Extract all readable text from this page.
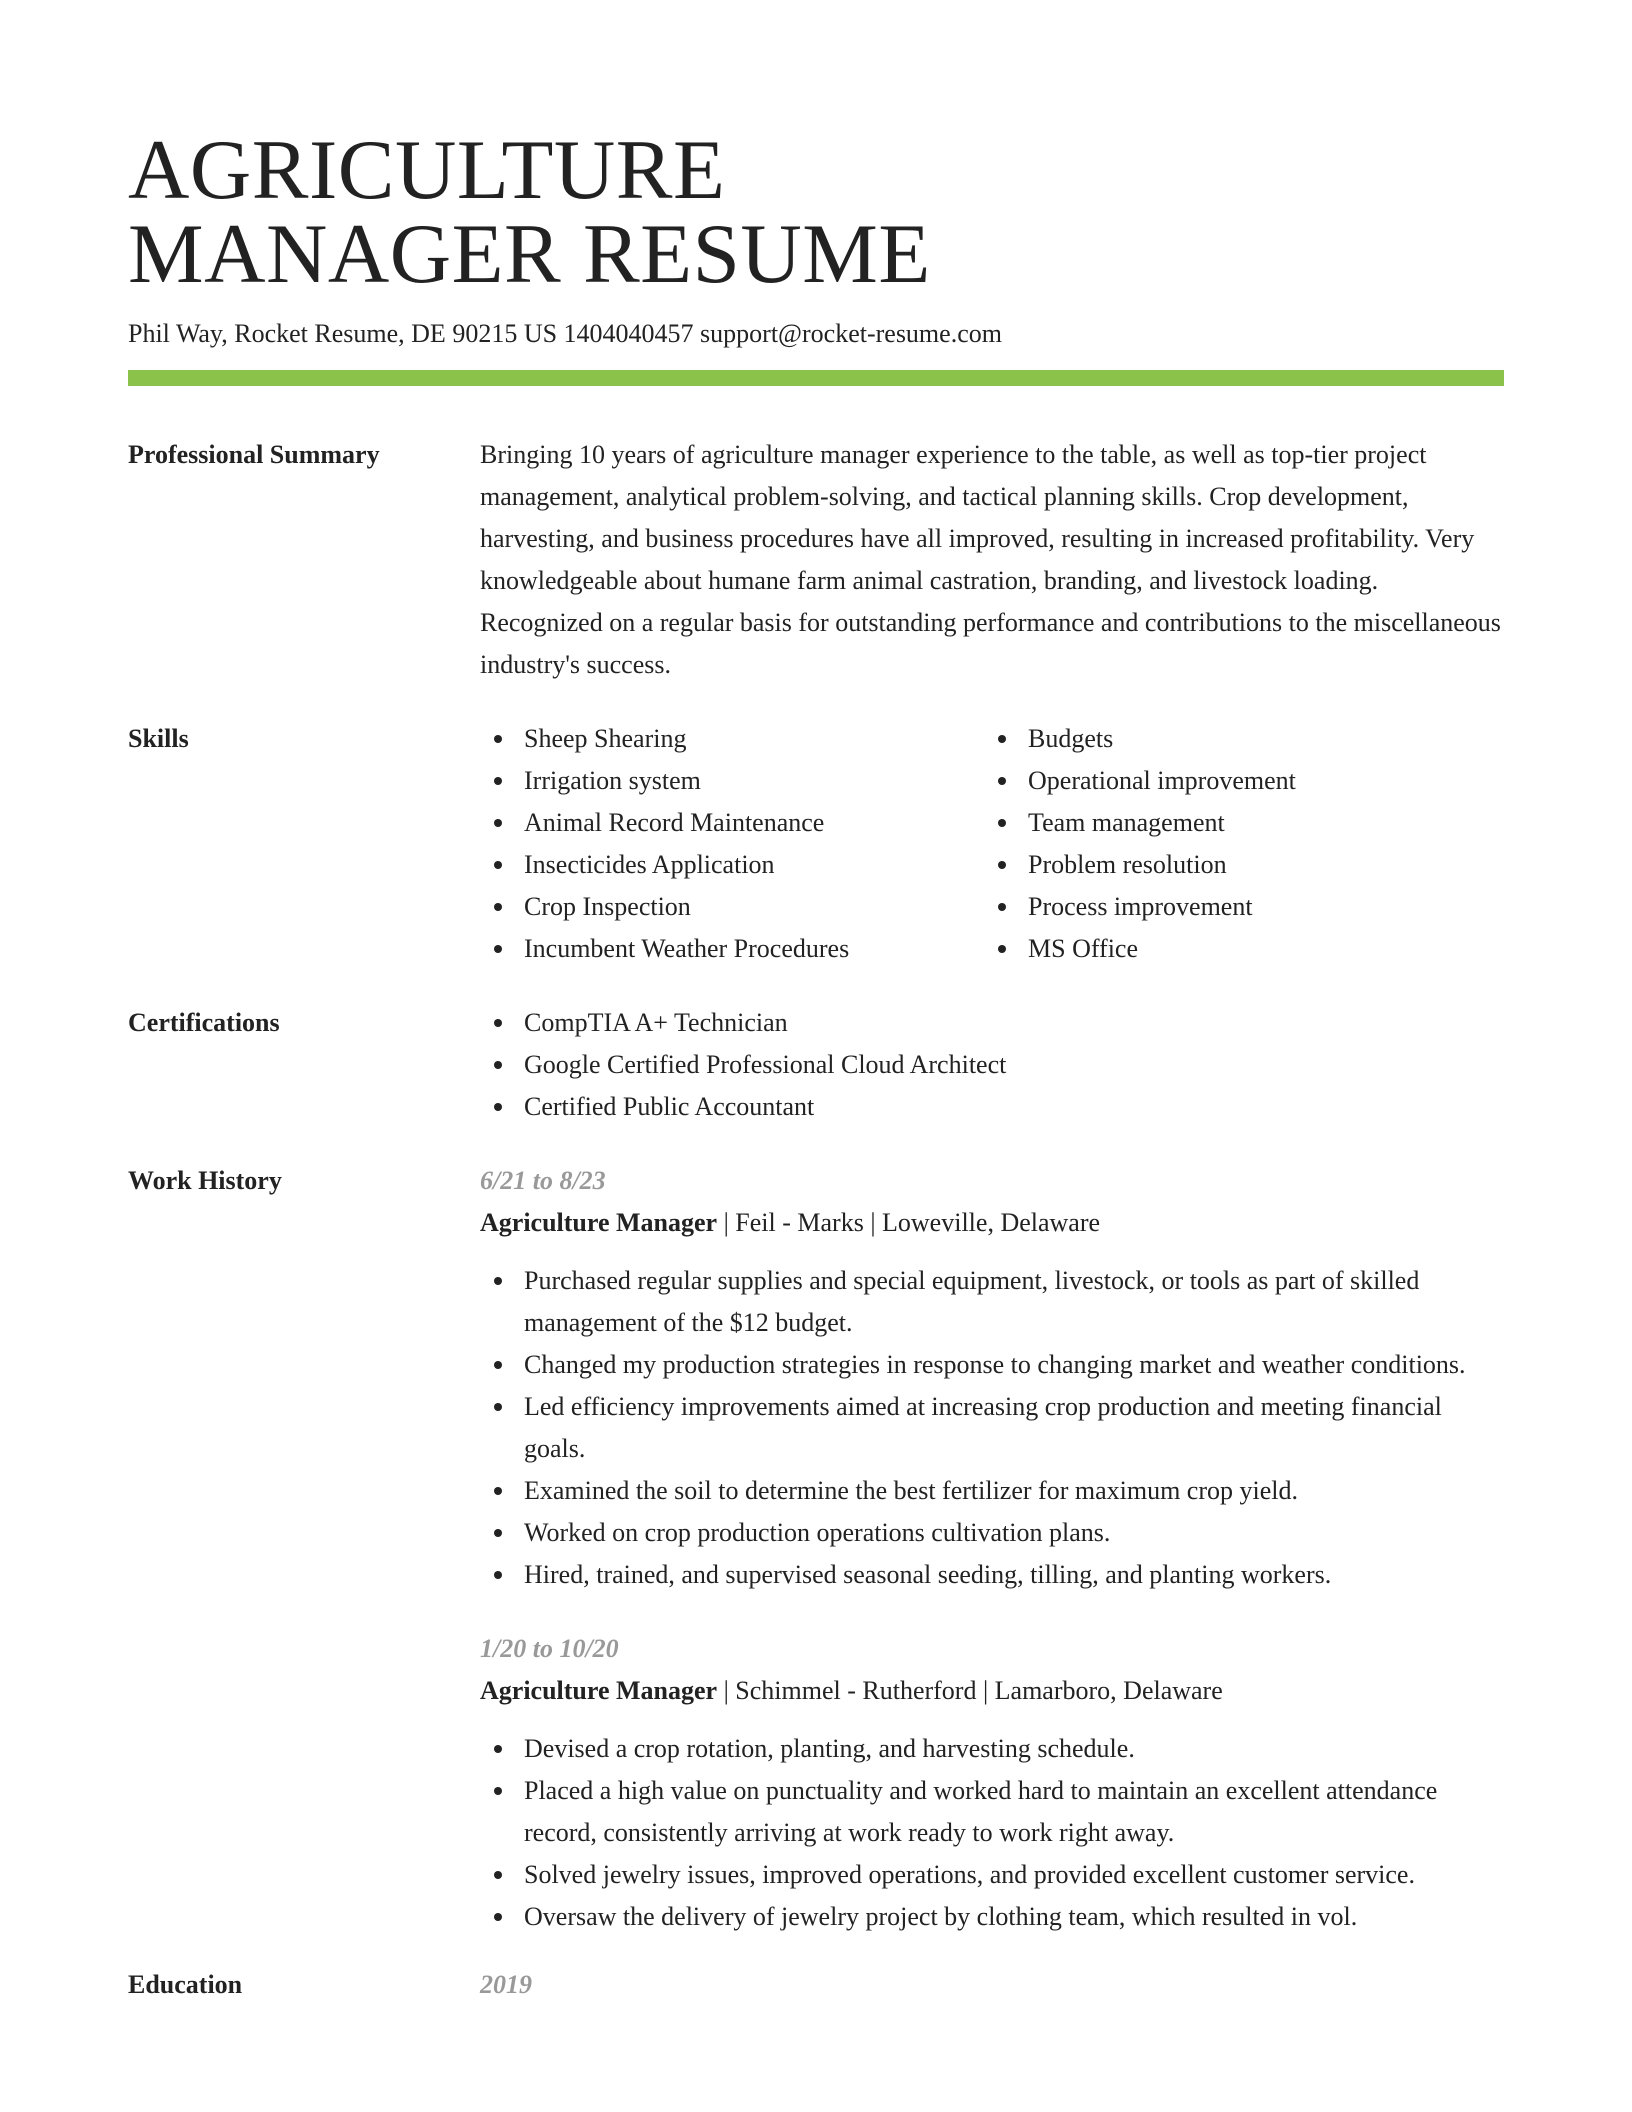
AGRICULTURE
MANAGER RESUME
Phil Way, Rocket Resume, DE 90215 US 1404040457 support@rocket-resume.com
Professional Summary	Bringing 10 years of agriculture manager experience to the table, as well as top-tier project management, analytical problem-solving, and tactical planning skills. Crop development, harvesting, and business procedures have all improved, resulting in increased profitability. Very knowledgeable about humane farm animal castration, branding, and livestock loading. Recognized on a regular basis for outstanding performance and contributions to the miscellaneous industry's success.
Skills	Sheep Shearing
Irrigation system
Animal Record Maintenance
Insecticides Application
Crop Inspection
Incumbent Weather Procedures
Budgets
Operational improvement
Team management
Problem resolution
Process improvement
MS Office
Certifications	CompTIA A+ Technician
Google Certified Professional Cloud Architect
Certified Public Accountant
Work History	6/21 to 8/23
Agriculture Manager | Feil - Marks | Loweville, Delaware
Purchased regular supplies and special equipment, livestock, or tools as part of skilled management of the $12 budget.
Changed my production strategies in response to changing market and weather conditions.
Led efficiency improvements aimed at increasing crop production and meeting financial goals.
Examined the soil to determine the best fertilizer for maximum crop yield.
Worked on crop production operations cultivation plans.
Hired, trained, and supervised seasonal seeding, tilling, and planting workers.
1/20 to 10/20
Agriculture Manager | Schimmel - Rutherford | Lamarboro, Delaware
Devised a crop rotation, planting, and harvesting schedule.
Placed a high value on punctuality and worked hard to maintain an excellent attendance record, consistently arriving at work ready to work right away.
Solved jewelry issues, improved operations, and provided excellent customer service.
Oversaw the delivery of jewelry project by clothing team, which resulted in vol.
Education	2019
